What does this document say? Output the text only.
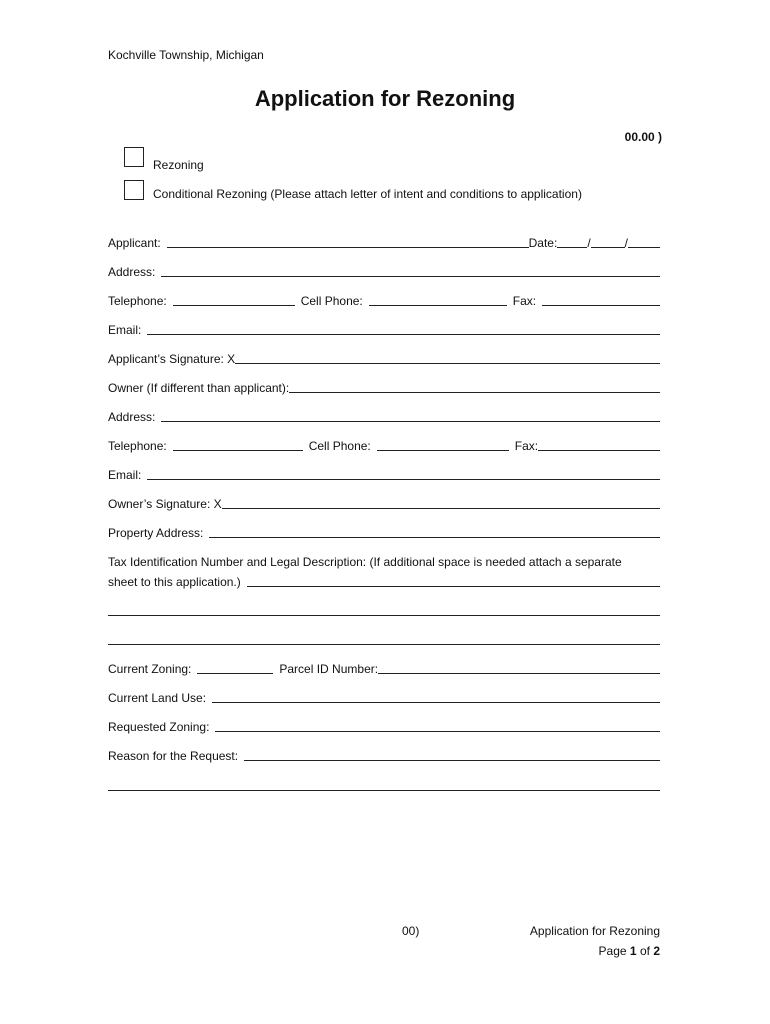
Kochville Township, Michigan
Application for Rezoning
00.00 )
Rezoning
Conditional Rezoning (Please attach letter of intent and conditions to application)
Applicant:	Date:	/	/
Address:
Telephone:	Cell Phone:	Fax:
Email:
Applicant’s Signature: X
Owner (If different than applicant):
Address:
Telephone:	Cell Phone:	Fax:
Email:
Owner’s Signature: X
Property Address:
Tax Identification Number and Legal Description: (If additional space is needed attach a separate
sheet to this application.)
Current Zoning:	Parcel ID Number:
Current Land Use:
Requested Zoning:
Reason for the Request:
00)	Application for Rezoning
Page 1 of 2
